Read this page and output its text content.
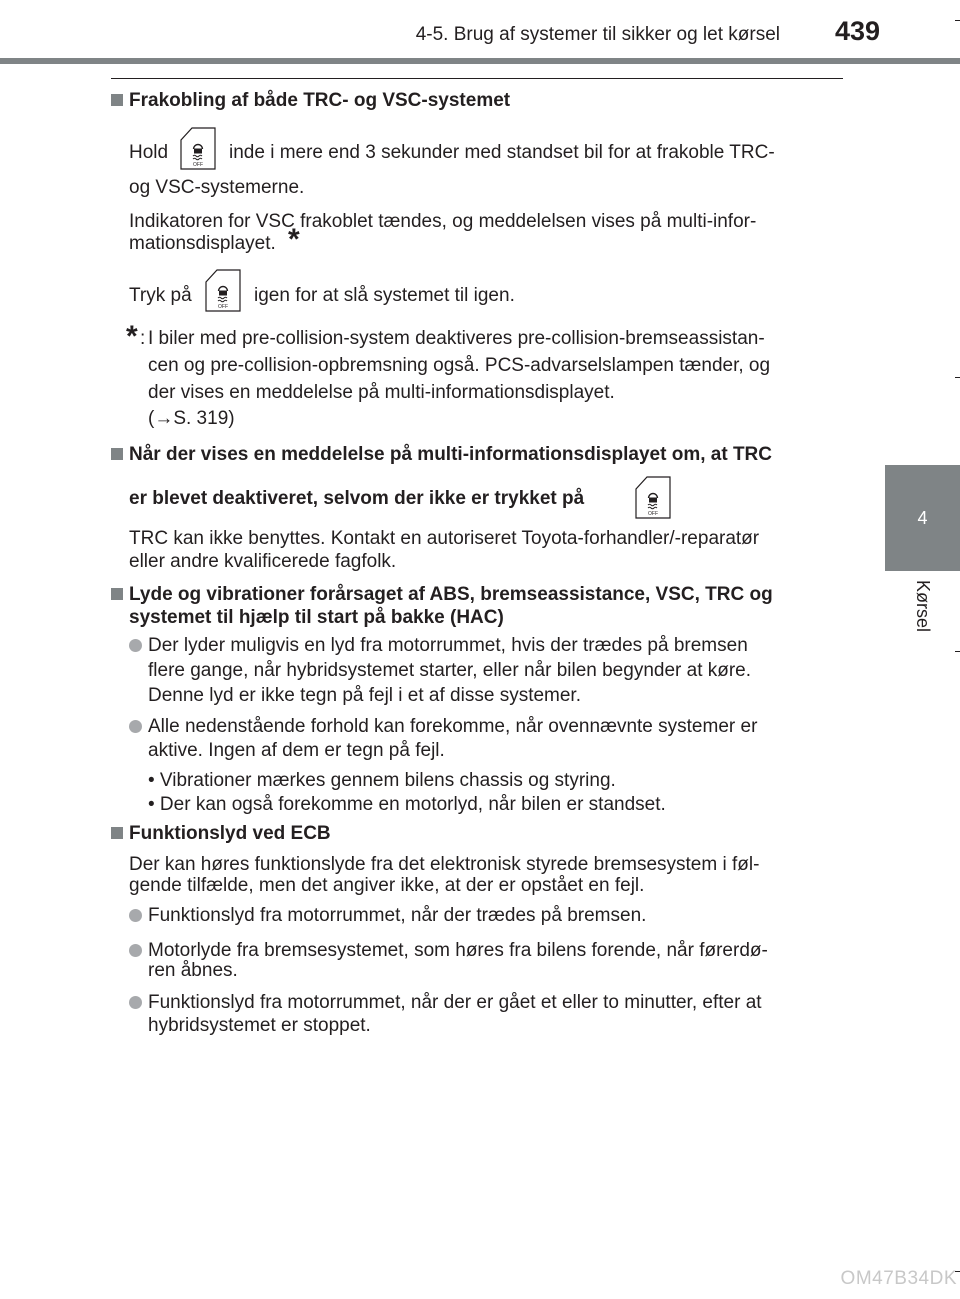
4-5. Brug af systemer til sikker og let kørsel	439
4
Kørsel
Frakobling af både TRC- og VSC-systemet
Hold	inde i mere end 3 sekunder med standset bil for at frakoble TRC-
og VSC-systemerne.
Indikatoren for VSC frakoblet tændes, og meddelelsen vises på multi-infor-
mationsdisplayet. *
Tryk på	igen for at slå systemet til igen.
* : I biler med pre-collision-system deaktiveres pre-collision-bremseassistan-
cen og pre-collision-opbremsning også. PCS-advarselslampen tænder, og
der vises en meddelelse på multi-informationsdisplayet.
(→S. 319)
Når der vises en meddelelse på multi-informationsdisplayet om, at TRC
er blevet deaktiveret, selvom der ikke er trykket på
TRC kan ikke benyttes. Kontakt en autoriseret Toyota-forhandler/-reparatør
eller andre kvalificerede fagfolk.
Lyde og vibrationer forårsaget af ABS, bremseassistance, VSC, TRC og
systemet til hjælp til start på bakke (HAC)
Der lyder muligvis en lyd fra motorrummet, hvis der trædes på bremsen
flere gange, når hybridsystemet starter, eller når bilen begynder at køre.
Denne lyd er ikke tegn på fejl i et af disse systemer.
Alle nedenstående forhold kan forekomme, når ovennævnte systemer er
aktive. Ingen af dem er tegn på fejl.
• Vibrationer mærkes gennem bilens chassis og styring.
• Der kan også forekomme en motorlyd, når bilen er standset.
Funktionslyd ved ECB
Der kan høres funktionslyde fra det elektronisk styrede bremsesystem i føl-
gende tilfælde, men det angiver ikke, at der er opstået en fejl.
Funktionslyd fra motorrummet, når der trædes på bremsen.
Motorlyde fra bremsesystemet, som høres fra bilens forende, når førerdø-
ren åbnes.
Funktionslyd fra motorrummet, når der er gået et eller to minutter, efter at
hybridsystemet er stoppet.
OM47B34DK
